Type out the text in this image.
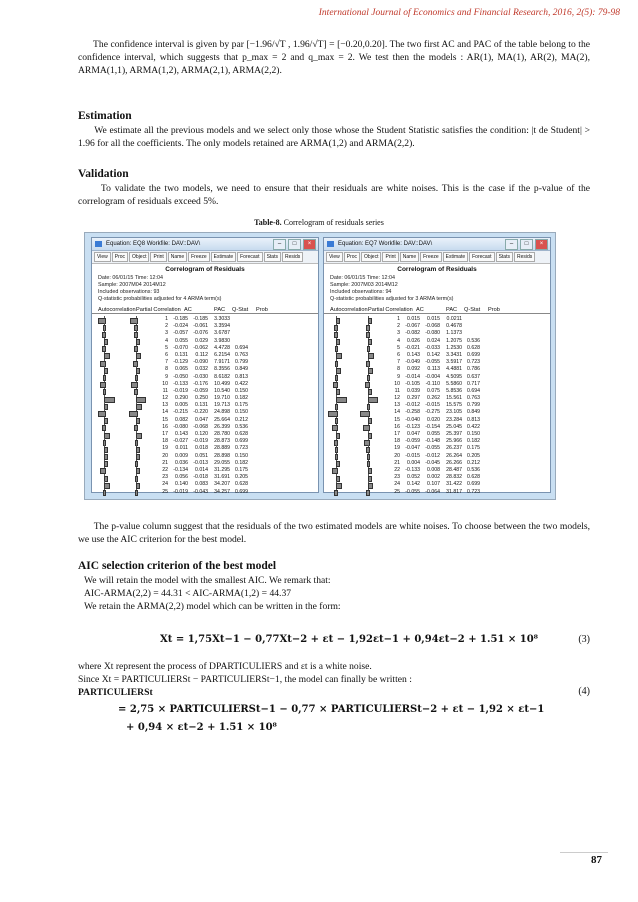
International Journal of Economics and Financial Research, 2016, 2(5): 79-98
The confidence interval is given by par [−1.96/√T , 1.96/√T] = [−0.20,0.20]. The two first AC and PAC of the table belong to the confidence interval, which suggests that p_max = 2 and q_max = 2. We test then the models : AR(1), MA(1), AR(2), MA(2), ARMA(1,1), ARMA(1,2), ARMA(2,1), ARMA(2,2).
Estimation
We estimate all the previous models and we select only those whose the Student Statistic satisfies the condition: |t de Student| > 1.96 for all the coefficients. The only models retained are ARMA(1,2) and ARMA(2,2).
Validation
To validate the two models, we need to ensure that their residuals are white noises. This is the case if the p-value of the correlogram of residuals exceed 5%.
Table-8. Correlogram of residuals series
Equation: EQ8 Workfile: DAV::DAV\	–	□	×
View	Proc	Object	Print	Name	Freeze	Estimate	Forecast	Stats	Resids
Correlogram of Residuals
Date: 06/01/15 Time: 12:04
Sample: 2007M04 2014M12
Included observations: 93
Q-statistic probabilities adjusted for 4 ARMA term(s)
Autocorrelation Partial Correlation AC	PAC	Q-Stat	Prob
1	-0.185	-0.185	3.3033
2	-0.024	-0.061	3.3594
3	-0.057	-0.076	3.6787
4	0.055	0.029	3.9830
5	-0.070	-0.062	4.4728 0.694
6	0.131	0.112	6.2154 0.763
7	-0.129	-0.090	7.9171 0.799
8	0.065	0.032	8.3556 0.849
9	-0.050	-0.030	8.6182 0.813
10	-0.133	-0.176	10.499 0.422
11	-0.019	-0.059	10.540 0.150
12	0.290	0.250	19.710 0.182
13	0.005	0.131	19.713 0.175
14	-0.215	-0.220	24.898 0.150
15	0.082	0.047	25.664 0.212
16	-0.080	-0.068	26.399 0.536
17	0.143	0.120	28.780 0.628
18	-0.027	-0.019	28.873 0.699
19	0.011	0.018	28.889 0.723
20	0.009	0.051	28.898 0.150
21	0.036	-0.013	29.055 0.182
22	-0.134	0.014	31.295 0.175
23	0.056	-0.018	31.691 0.205
24	0.140	0.083	34.207 0.628
25	-0.019	-0.043	34.257 0.699
Equation: EQ7 Workfile: DAV::DAV\	–	□	×
View	Proc	Object	Print	Name	Freeze	Estimate	Forecast	Stats	Resids
Correlogram of Residuals
Date: 06/01/15 Time: 12:04
Sample: 2007M03 2014M12
Included observations: 94
Q-statistic probabilities adjusted for 3 ARMA term(s)
Autocorrelation Partial Correlation AC	PAC	Q-Stat	Prob
1	0.015	0.015	0.0211
2	-0.067	-0.068	0.4678
3	-0.082	-0.080	1.1373
4	0.026	0.024	1.2075 0.536
5	-0.021	-0.033	1.2530 0.628
6	0.143	0.142	3.3431 0.699
7	-0.049	-0.055	3.5917 0.723
8	0.092	0.113	4.4881 0.786
9	-0.014	-0.004	4.5095 0.637
10	-0.105	-0.110	5.5860 0.717
11	0.039	0.075	5.8536 0.694
12	0.297	0.262	15.561 0.763
13	-0.012	-0.015	15.575 0.799
14	-0.258	-0.275	23.105 0.849
15	-0.040	0.020	23.284 0.813
16	-0.123	-0.154	25.045 0.422
17	0.047	0.055	25.397 0.150
18	-0.059	-0.148	25.966 0.182
19	-0.047	-0.055	26.237 0.175
20	-0.015	-0.012	26.264 0.205
21	0.004	-0.045	26.266 0.212
22	-0.133	0.008	28.487 0.536
23	0.052	0.002	28.832 0.628
24	0.142	0.107	31.422 0.699
25	-0.055	-0.064	31.817 0.723
The p-value column suggest that the residuals of the two estimated models are white noises. To choose between the two models, we use the AIC criterion for the best model.
AIC selection criterion of the best model
We will retain the model with the smallest AIC. We remark that:
AIC-ARMA(2,2) = 44.31 < AIC-ARMA(1,2) = 44.37
We retain the ARMA(2,2) model which can be written in the form:
Xt = 1,75Xt−1 − 0,77Xt−2 + εt − 1,92εt−1 + 0,94εt−2 + 1.51 × 10⁸	(3)
where Xt represent the process of DPARTICULIERS and εt is a white noise.
Since Xt = PARTICULIERSt − PARTICULIERSt−1, the model can finally be written :
PARTICULIERSt	(4)
= 2,75 × PARTICULIERSt−1 − 0,77 × PARTICULIERSt−2 + εt − 1,92 × εt−1
+ 0,94 × εt−2 + 1.51 × 10⁸
87
